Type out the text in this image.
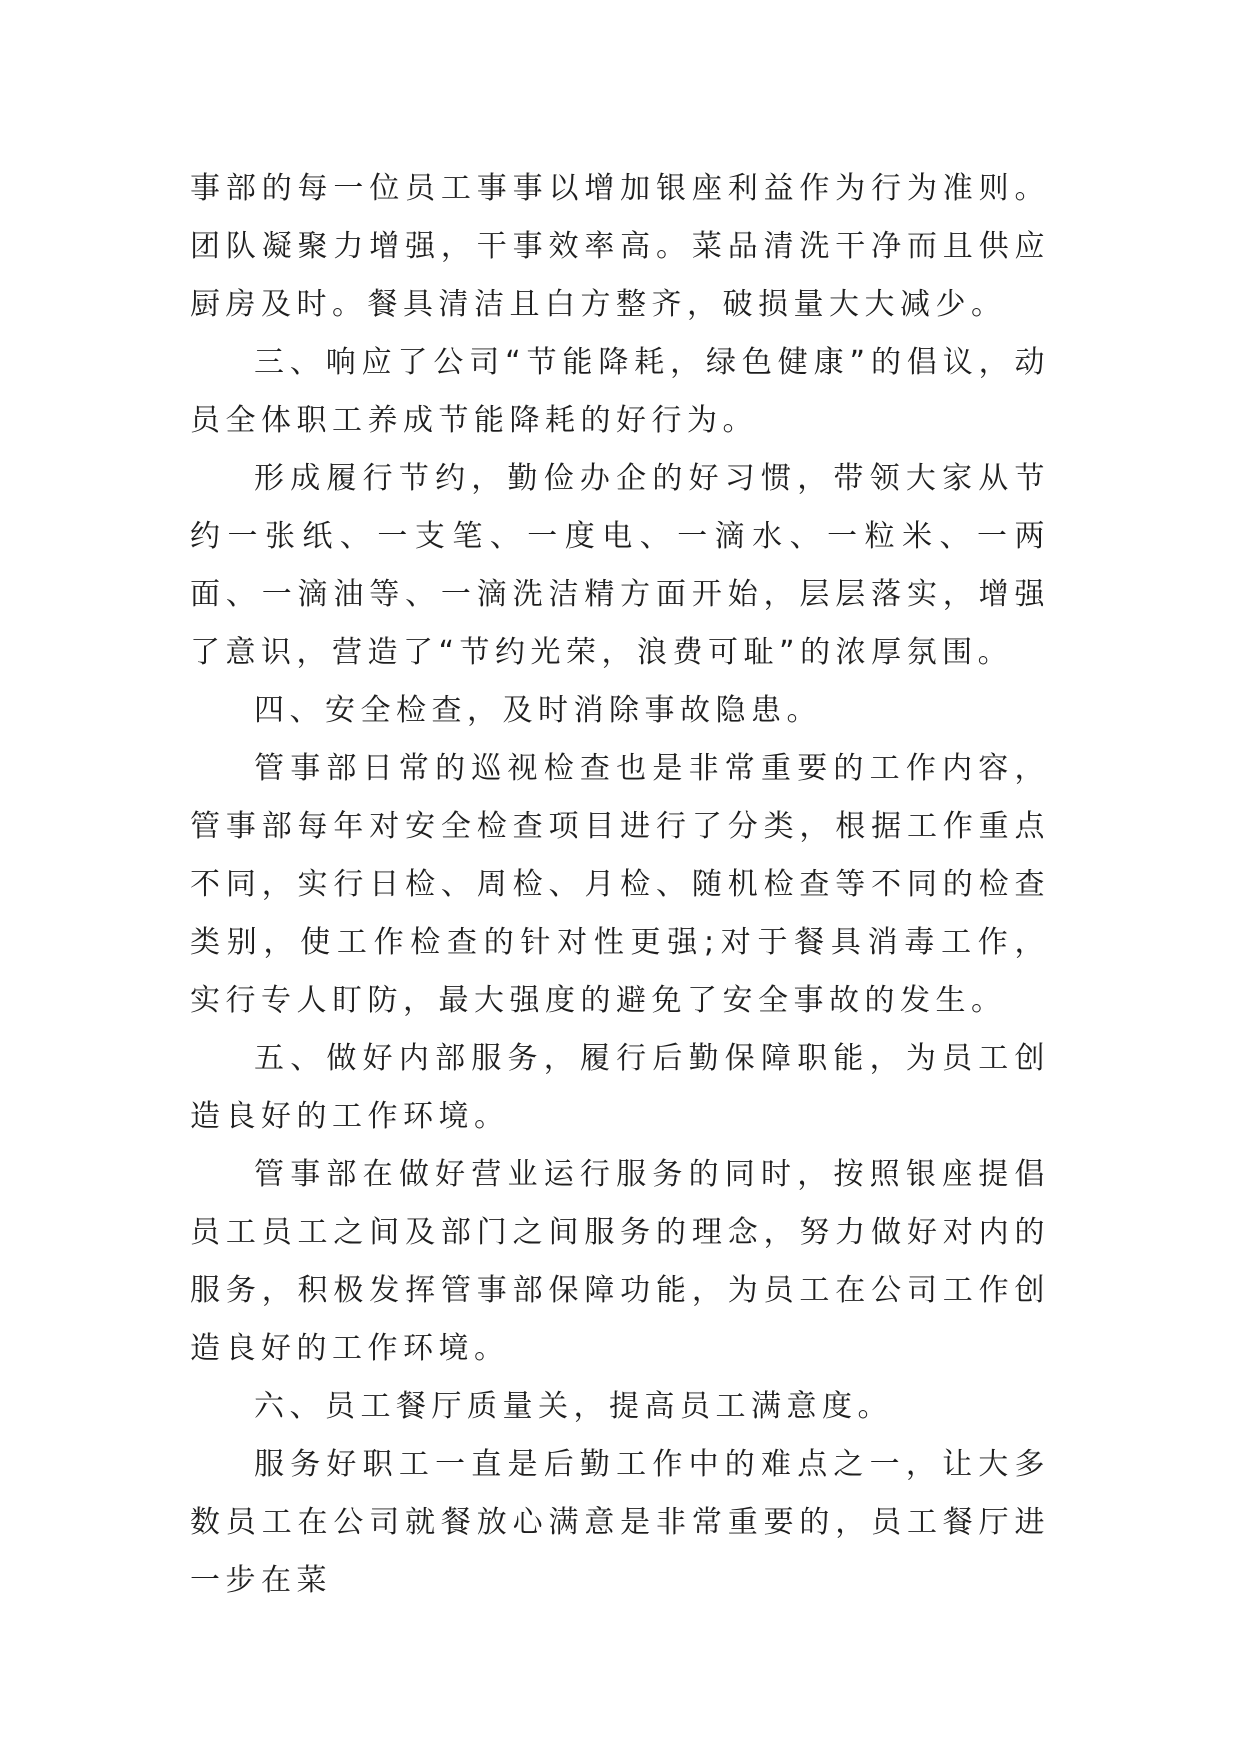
事部的每一位员工事事以增加银座利益作为行为准则。团队凝聚力增强，干事效率高。菜品清洗干净而且供应厨房及时。餐具清洁且白方整齐，破损量大大减少。

三、响应了公司“节能降耗，绿色健康”的倡议，动员全体职工养成节能降耗的好行为。

形成履行节约，勤俭办企的好习惯，带领大家从节约一张纸、一支笔、一度电、一滴水、一粒米、一两面、一滴油等、一滴洗洁精方面开始，层层落实，增强了意识，营造了“节约光荣，浪费可耻”的浓厚氛围。

四、安全检查，及时消除事故隐患。

管事部日常的巡视检查也是非常重要的工作内容，管事部每年对安全检查项目进行了分类，根据工作重点不同，实行日检、周检、月检、随机检查等不同的检查类别，使工作检查的针对性更强;对于餐具消毒工作，实行专人盯防，最大强度的避免了安全事故的发生。

五、做好内部服务，履行后勤保障职能，为员工创造良好的工作环境。

管事部在做好营业运行服务的同时，按照银座提倡员工员工之间及部门之间服务的理念，努力做好对内的服务，积极发挥管事部保障功能，为员工在公司工作创造良好的工作环境。

六、员工餐厅质量关，提高员工满意度。

服务好职工一直是后勤工作中的难点之一，让大多数员工在公司就餐放心满意是非常重要的，员工餐厅进一步在菜
